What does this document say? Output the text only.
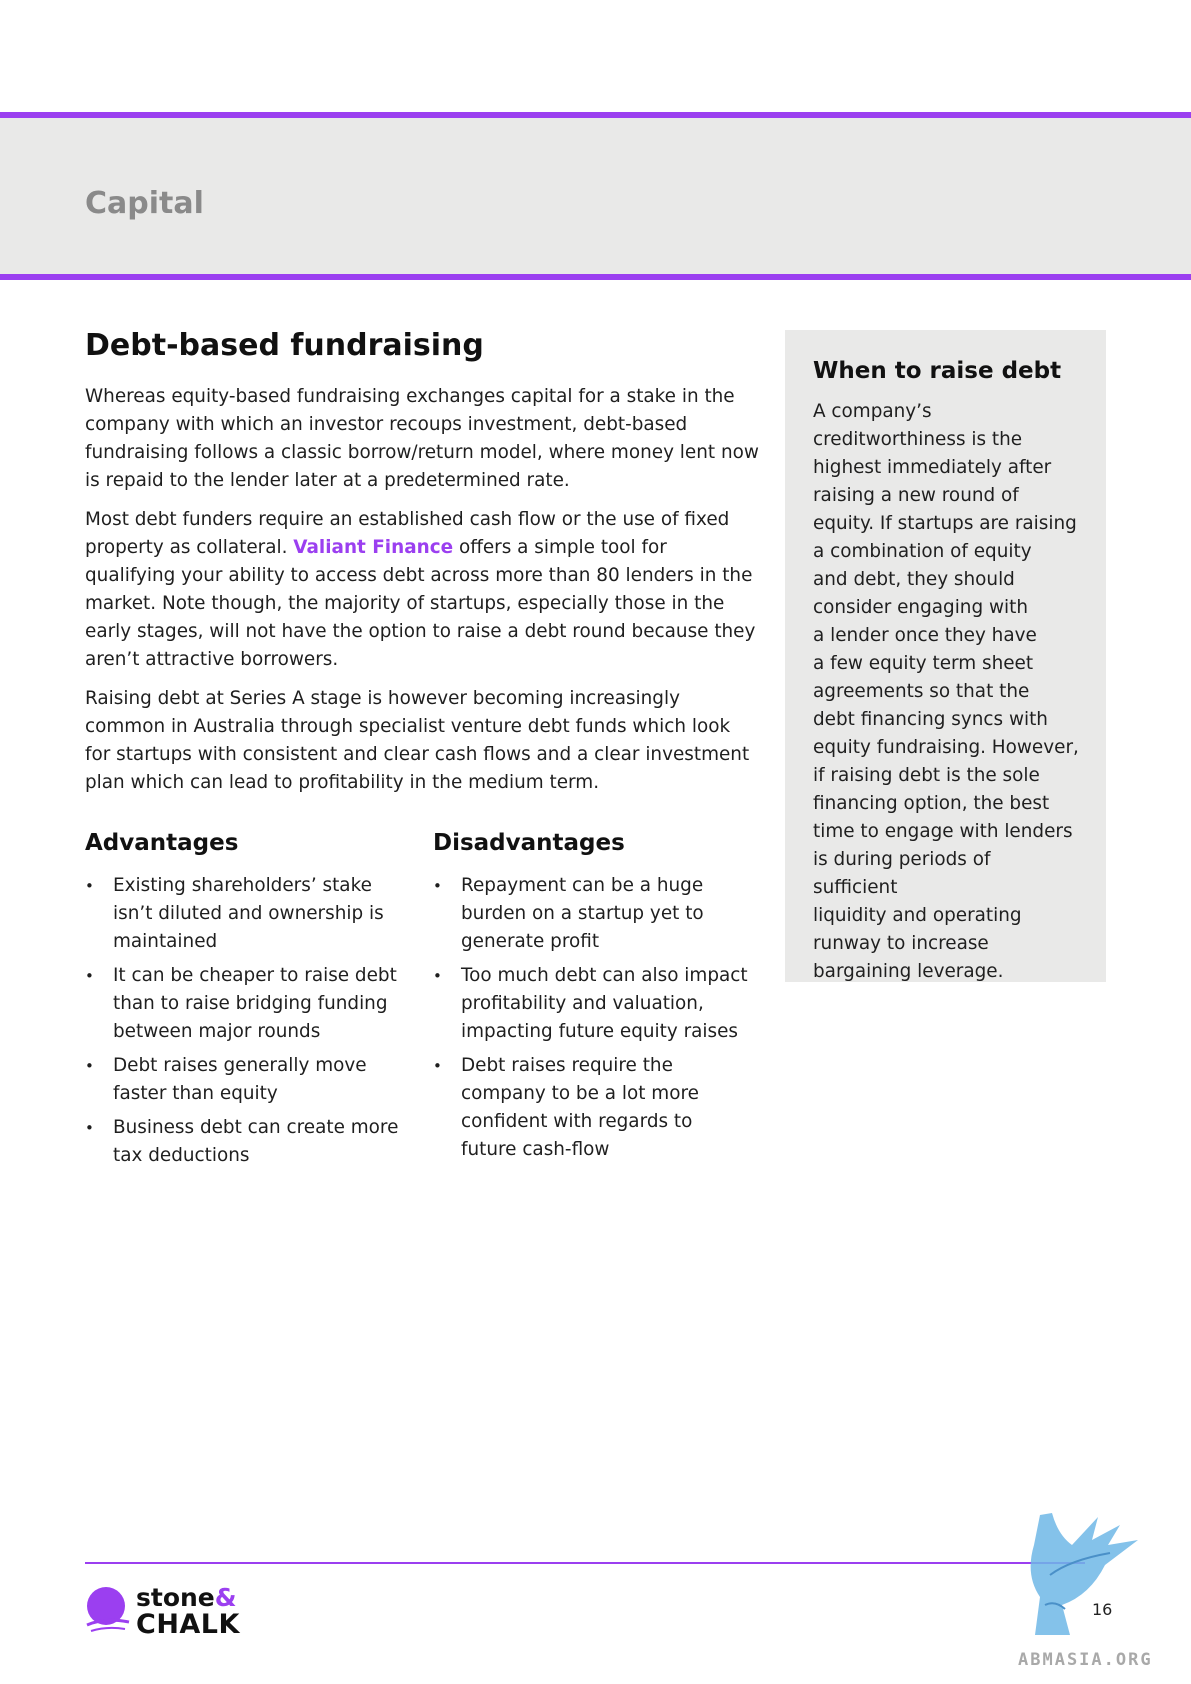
Capital
Debt-based fundraising

Whereas equity-based fundraising exchanges capital for a stake in the company with which an investor recoups investment, debt-based fundraising follows a classic borrow/return model, where money lent now is repaid to the lender later at a predetermined rate.

Most debt funders require an established cash flow or the use of fixed property as collateral. Valiant Finance offers a simple tool for qualifying your ability to access debt across more than 80 lenders in the market. Note though, the majority of startups, especially those in the early stages, will not have the option to raise a debt round because they aren’t attractive borrowers.

Raising debt at Series A stage is however becoming increasingly common in Australia through specialist venture debt funds which look for startups with consistent and clear cash flows and a clear investment plan which can lead to profitability in the medium term.

Advantages
• Existing shareholders’ stake isn’t diluted and ownership is maintained
• It can be cheaper to raise debt than to raise bridging funding between major rounds
• Debt raises generally move faster than equity
• Business debt can create more tax deductions
Disadvantages
• Repayment can be a huge burden on a startup yet to generate profit
• Too much debt can also impact profitability and valuation, impacting future equity raises
• Debt raises require the company to be a lot more confident with regards to future cash-flow
When to raise debt

A company’s
creditworthiness is the
highest immediately after
raising a new round of
equity. If startups are raising
a combination of equity
and debt, they should
consider engaging with
a lender once they have
a few equity term sheet
agreements so that the
debt financing syncs with
equity fundraising. However,
if raising debt is the sole
financing option, the best
time to engage with lenders
is during periods of sufficient
liquidity and operating
runway to increase
bargaining leverage.

stone&
CHALK
ABMASIA.ORG
16
